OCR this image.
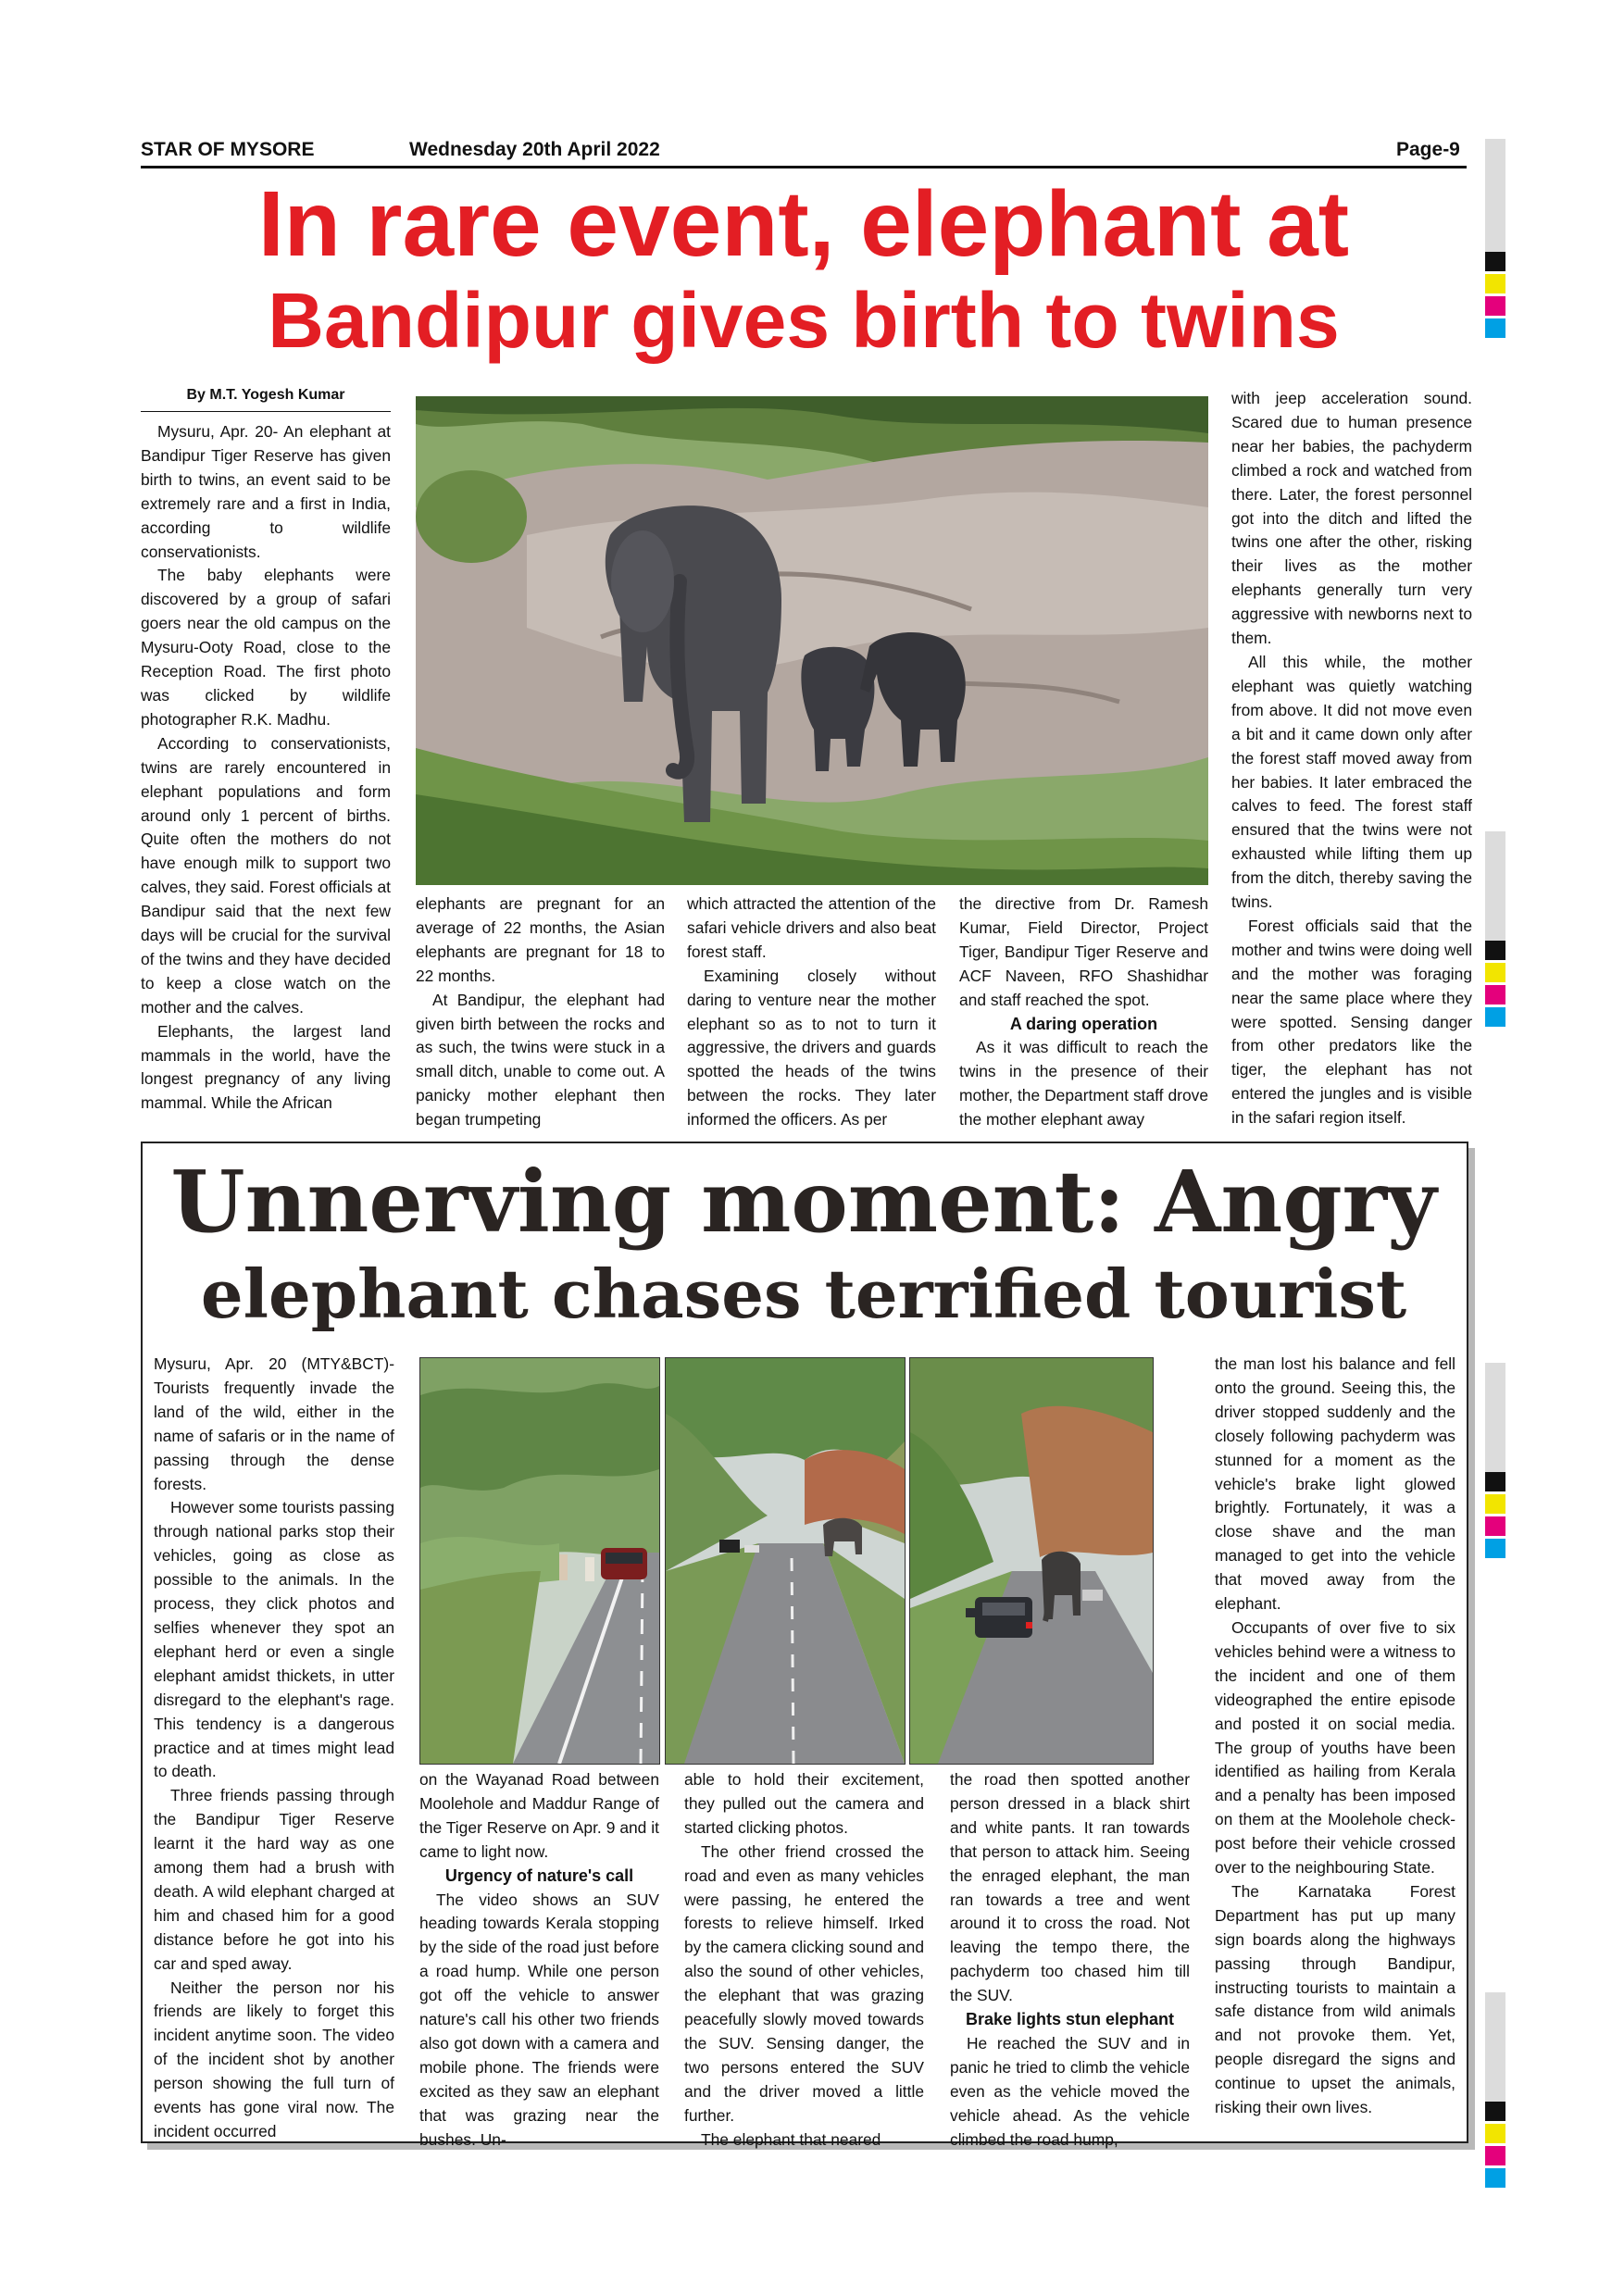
STAR OF MYSORE	Wednesday 20th April 2022	Page-9
In rare event, elephant at
Bandipur gives birth to twins
By M.T. Yogesh Kumar

Mysuru, Apr. 20- An elephant at Bandipur Tiger Reserve has given birth to twins, an event said to be extremely rare and a first in India, according to wildlife conservationists.

The baby elephants were discovered by a group of safari goers near the old campus on the Mysuru-Ooty Road, close to the Reception Road. The first photo was clicked by wildlife photographer R.K. Madhu.

According to conservationists, twins are rarely encountered in elephant populations and form around only 1 percent of births. Quite often the mothers do not have enough milk to support two calves, they said. Forest officials at Bandipur said that the next few days will be crucial for the survival of the twins and they have decided to keep a close watch on the mother and the calves.

Elephants, the largest land mammals in the world, have the longest pregnancy of any living mammal. While the African

elephants are pregnant for an average of 22 months, the Asian elephants are pregnant for 18 to 22 months.

At Bandipur, the elephant had given birth between the rocks and as such, the twins were stuck in a small ditch, unable to come out. A panicky mother elephant then began trumpeting

which attracted the attention of the safari vehicle drivers and also beat forest staff.

Examining closely without daring to venture near the mother elephant so as to not to turn it aggressive, the drivers and guards spotted the heads of the twins between the rocks. They later informed the officers. As per

the directive from Dr. Ramesh Kumar, Field Director, Project Tiger, Bandipur Tiger Reserve and ACF Naveen, RFO Shashidhar and staff reached the spot.

A daring operation

As it was difficult to reach the twins in the presence of their mother, the Department staff drove the mother elephant away

with jeep acceleration sound. Scared due to human presence near her babies, the pachyderm climbed a rock and watched from there. Later, the forest personnel got into the ditch and lifted the twins one after the other, risking their lives as the mother elephants generally turn very aggressive with newborns next to them.

All this while, the mother elephant was quietly watching from above. It did not move even a bit and it came down only after the forest staff moved away from her babies. It later embraced the calves to feed. The forest staff ensured that the twins were not exhausted while lifting them up from the ditch, thereby saving the twins.

Forest officials said that the mother and twins were doing well and the mother was foraging near the same place where they were spotted. Sensing danger from other predators like the tiger, the elephant has not entered the jungles and is visible in the safari region itself.

Unnerving moment: Angry
elephant chases terrified tourist

Mysuru, Apr. 20 (MTY&BCT)- Tourists frequently invade the land of the wild, either in the name of safaris or in the name of passing through the dense forests.

However some tourists passing through national parks stop their vehicles, going as close as possible to the animals. In the process, they click photos and selfies whenever they spot an elephant herd or even a single elephant amidst thickets, in utter disregard to the elephant's rage. This tendency is a dangerous practice and at times might lead to death.

Three friends passing through the Bandipur Tiger Reserve learnt it the hard way as one among them had a brush with death. A wild elephant charged at him and chased him for a good distance before he got into his car and sped away.

Neither the person nor his friends are likely to forget this incident anytime soon. The video of the incident shot by another person showing the full turn of events has gone viral now. The incident occurred

on the Wayanad Road between Moolehole and Maddur Range of the Tiger Reserve on Apr. 9 and it came to light now.

Urgency of nature's call

The video shows an SUV heading towards Kerala stopping by the side of the road just before a road hump. While one person got off the vehicle to answer nature's call his other two friends also got down with a camera and mobile phone. The friends were excited as they saw an elephant that was grazing near the bushes. Un-

able to hold their excitement, they pulled out the camera and started clicking photos.

The other friend crossed the road and even as many vehicles were passing, he entered the forests to relieve himself. Irked by the camera clicking sound and also the sound of other vehicles, the elephant that was grazing peacefully slowly moved towards the SUV. Sensing danger, the two persons entered the SUV and the driver moved a little further.

The elephant that neared

the road then spotted another person dressed in a black shirt and white pants. It ran towards that person to attack him. Seeing the enraged elephant, the man ran towards a tree and went around it to cross the road. Not leaving the tempo there, the pachyderm too chased him till the SUV.

Brake lights stun elephant

He reached the SUV and in panic he tried to climb the vehicle even as the vehicle moved the vehicle ahead. As the vehicle climbed the road hump,

the man lost his balance and fell onto the ground. Seeing this, the driver stopped suddenly and the closely following pachyderm was stunned for a moment as the vehicle's brake light glowed brightly. Fortunately, it was a close shave and the man managed to get into the vehicle that moved away from the elephant.

Occupants of over five to six vehicles behind were a witness to the incident and one of them videographed the entire episode and posted it on social media. The group of youths have been identified as hailing from Kerala and a penalty has been imposed on them at the Moolehole check-post before their vehicle crossed over to the neighbouring State.

The Karnataka Forest Department has put up many sign boards along the highways passing through Bandipur, instructing tourists to maintain a safe distance from wild animals and not provoke them. Yet, people disregard the signs and continue to upset the animals, risking their own lives.
